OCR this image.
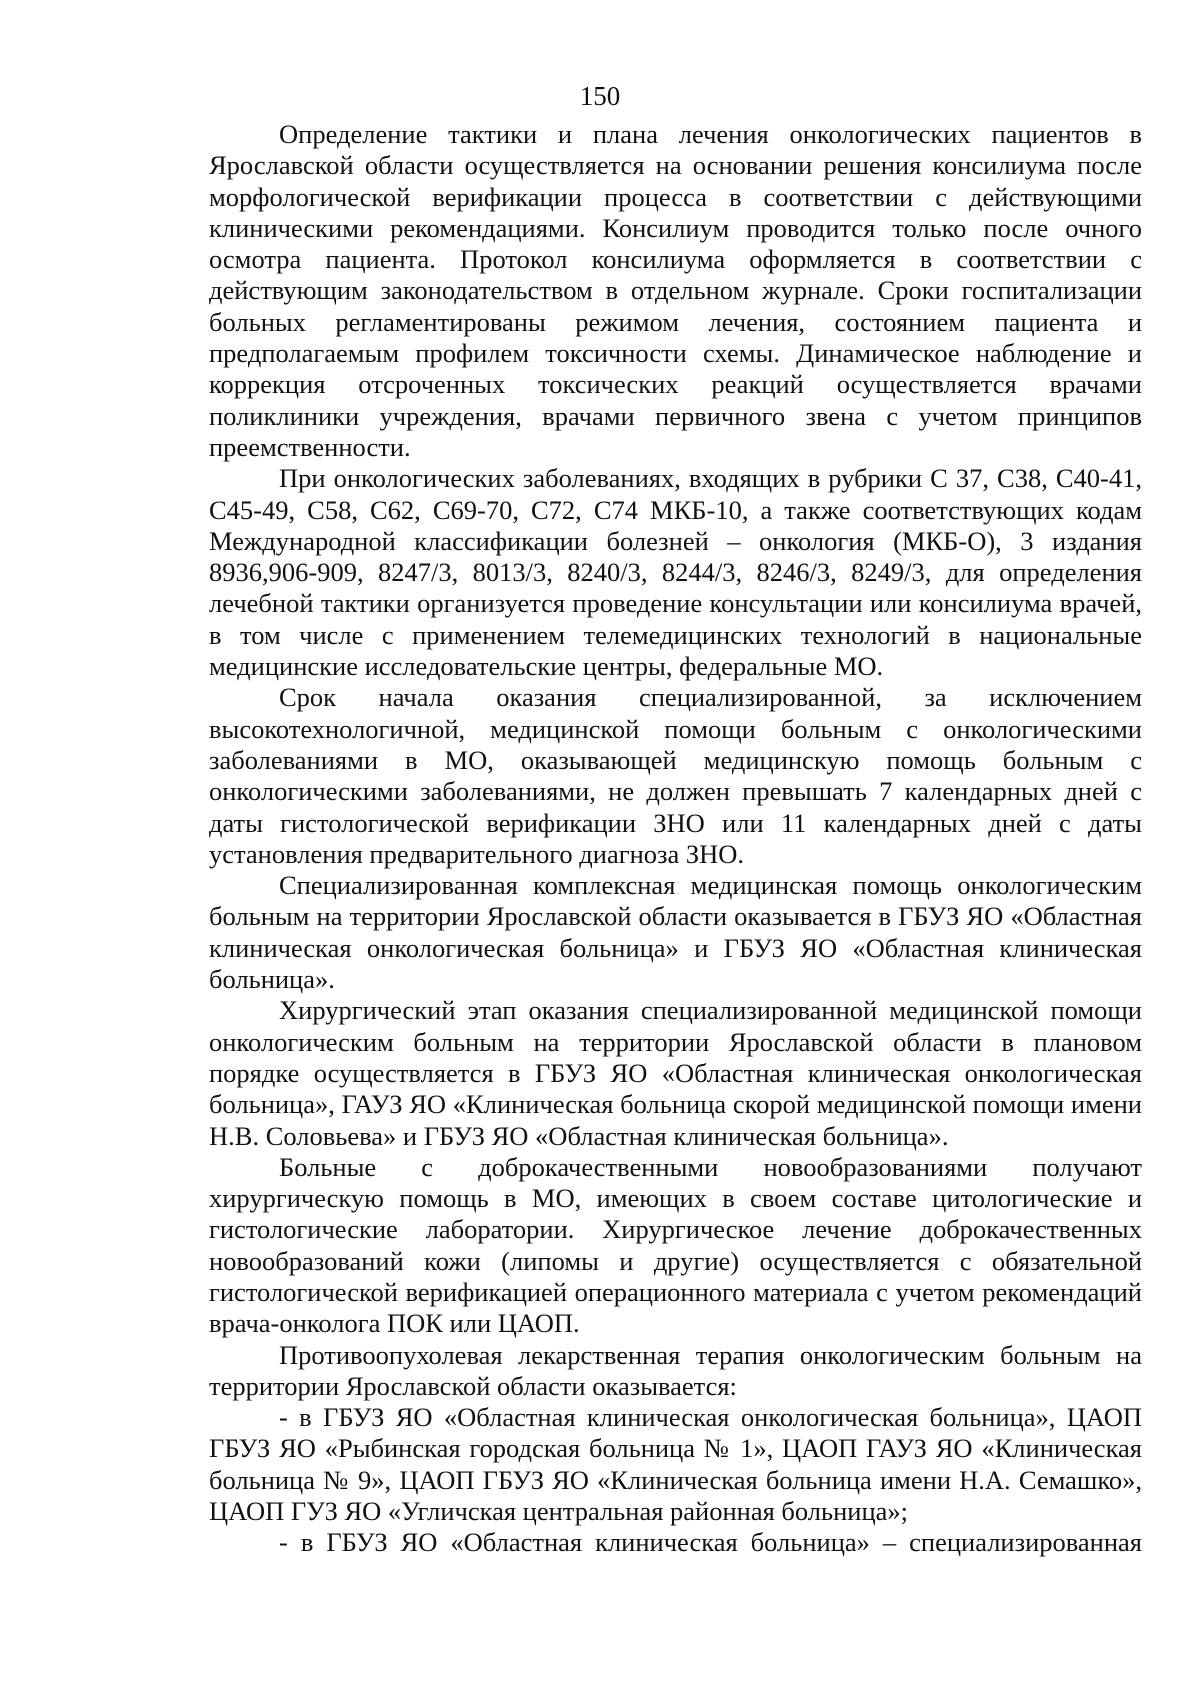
150

Определение тактики и плана лечения онкологических пациентов в Ярославской области осуществляется на основании решения консилиума после морфологической верификации процесса в соответствии с действующими клиническими рекомендациями. Консилиум проводится только после очного осмотра пациента. Протокол консилиума оформляется в соответствии с действующим законодательством в отдельном журнале. Сроки госпитализации больных регламентированы режимом лечения, состоянием пациента и предполагаемым профилем токсичности схемы. Динамическое наблюдение и коррекция отсроченных токсических реакций осуществляется врачами поликлиники учреждения, врачами первичного звена с учетом принципов преемственности.

При онкологических заболеваниях, входящих в рубрики С 37, С38, С40-41, С45-49, С58, С62, С69-70, С72, С74 МКБ-10, а также соответствующих кодам Международной классификации болезней – онкология (МКБ-О), 3 издания 8936,906-909, 8247/3, 8013/3, 8240/3, 8244/3, 8246/3, 8249/3, для определения лечебной тактики организуется проведение консультации или консилиума врачей, в том числе с применением телемедицинских технологий в национальные медицинские исследовательские центры, федеральные МО.

Срок начала оказания специализированной, за исключением высокотехнологичной, медицинской помощи больным с онкологическими заболеваниями в МО, оказывающей медицинскую помощь больным с онкологическими заболеваниями, не должен превышать 7 календарных дней с даты гистологической верификации ЗНО или 11 календарных дней с даты установления предварительного диагноза ЗНО.

Специализированная комплексная медицинская помощь онкологическим больным на территории Ярославской области оказывается в ГБУЗ ЯО «Областная клиническая онкологическая больница» и ГБУЗ ЯО «Областная клиническая больница».

Хирургический этап оказания специализированной медицинской помощи онкологическим больным на территории Ярославской области в плановом порядке осуществляется в ГБУЗ ЯО «Областная клиническая онкологическая больница», ГАУЗ ЯО «Клиническая больница скорой медицинской помощи имени Н.В. Соловьева» и ГБУЗ ЯО «Областная клиническая больница».

Больные с доброкачественными новообразованиями получают хирургическую помощь в МО, имеющих в своем составе цитологические и гистологические лаборатории. Хирургическое лечение доброкачественных новообразований кожи (липомы и другие) осуществляется с обязательной гистологической верификацией операционного материала с учетом рекомендаций врача-онколога ПОК или ЦАОП.

Противоопухолевая лекарственная терапия онкологическим больным на территории Ярославской области оказывается:

- в ГБУЗ ЯО «Областная клиническая онкологическая больница», ЦАОП ГБУЗ ЯО «Рыбинская городская больница № 1», ЦАОП ГАУЗ ЯО «Клиническая больница № 9», ЦАОП ГБУЗ ЯО «Клиническая больница имени Н.А. Семашко», ЦАОП ГУЗ ЯО «Угличская центральная районная больница»;

- в ГБУЗ ЯО «Областная клиническая больница» – специализированная
